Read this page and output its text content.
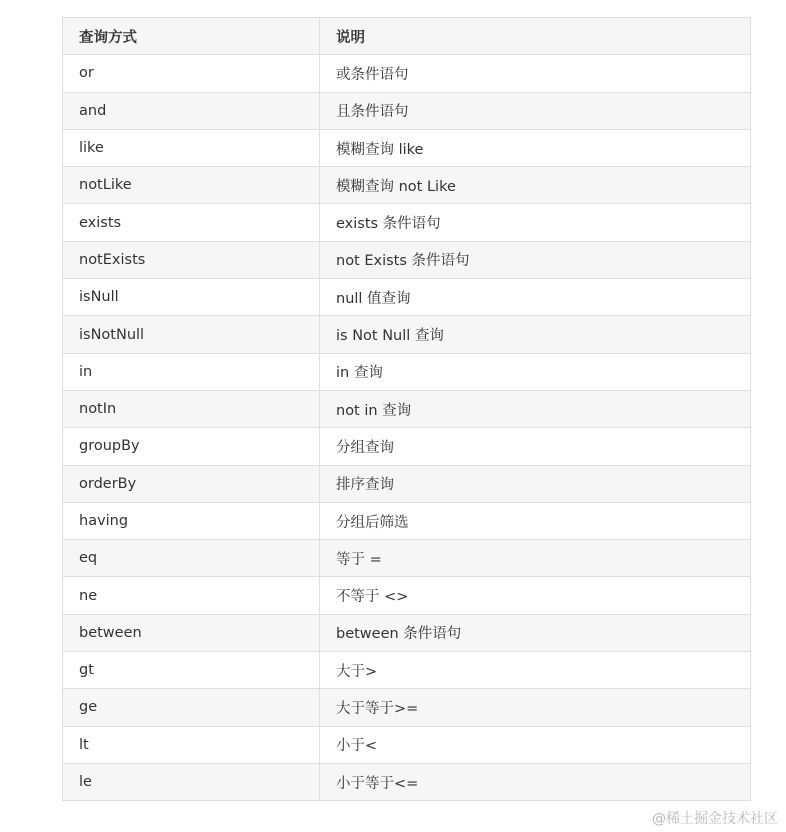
查询方式	说明
or	或条件语句
and	且条件语句
like	模糊查询 like
notLike	模糊查询 not Like
exists	exists 条件语句
notExists	not Exists 条件语句
isNull	null 值查询
isNotNull	is Not Null 查询
in	in 查询
notIn	not in 查询
groupBy	分组查询
orderBy	排序查询
having	分组后筛选
eq	等于 =
ne	不等于 <>
between	between 条件语句
gt	大于>
ge	大于等于>=
lt	小于<
le	小于等于<=
@稀土掘金技术社区
